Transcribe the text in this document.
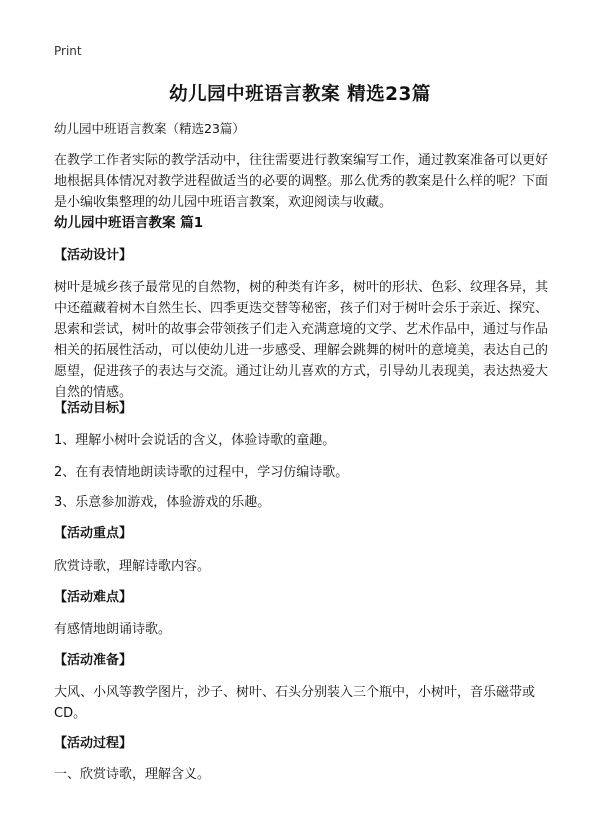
Print
幼儿园中班语言教案 精选23篇
幼儿园中班语言教案（精选23篇）

在教学工作者实际的教学活动中，往往需要进行教案编写工作，通过教案准备可以更好地根据具体情况对教学进程做适当的必要的调整。那么优秀的教案是什么样的呢？下面是小编收集整理的幼儿园中班语言教案，欢迎阅读与收藏。

幼儿园中班语言教案 篇1
【活动设计】

树叶是城乡孩子最常见的自然物，树的种类有许多，树叶的形状、色彩、纹理各异，其中还蕴藏着树木自然生长、四季更迭交替等秘密，孩子们对于树叶会乐于亲近、探究、思索和尝试，树叶的故事会带领孩子们走入充满意境的文学、艺术作品中，通过与作品相关的拓展性活动，可以使幼儿进一步感受、理解会跳舞的树叶的意境美，表达自己的愿望，促进孩子的表达与交流。通过让幼儿喜欢的方式，引导幼儿表现美，表达热爱大自然的情感。

【活动目标】
1、理解小树叶会说话的含义，体验诗歌的童趣。
2、在有表情地朗读诗歌的过程中，学习仿编诗歌。
3、乐意参加游戏，体验游戏的乐趣。
【活动重点】
欣赏诗歌，理解诗歌内容。
【活动难点】
有感情地朗诵诗歌。
【活动准备】

大风、小风等教学图片，沙子、树叶、石头分别装入三个瓶中，小树叶，音乐磁带或CD。

【活动过程】
一、欣赏诗歌，理解含义。
